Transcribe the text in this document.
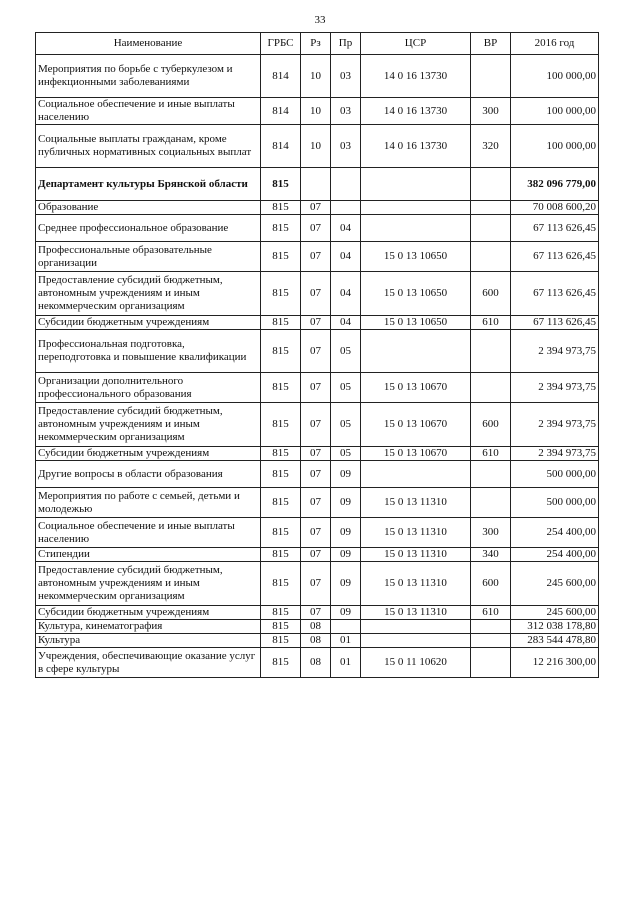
33
Наименование	ГРБС	Рз	Пр	ЦСР	ВР	2016 год
Мероприятия по борьбе с туберкулезом и инфекционными заболеваниями	814	10	03	14 0 16 13730		100 000,00
Социальное обеспечение и иные выплаты населению	814	10	03	14 0 16 13730	300	100 000,00
Социальные выплаты гражданам, кроме публичных нормативных социальных выплат	814	10	03	14 0 16 13730	320	100 000,00
Департамент культуры Брянской области	815					382 096 779,00
Образование	815	07				70 008 600,20
Среднее профессиональное образование	815	07	04			67 113 626,45
Профессиональные образовательные организации	815	07	04	15 0 13 10650		67 113 626,45
Предоставление субсидий бюджетным, автономным учреждениям и иным некоммерческим организациям	815	07	04	15 0 13 10650	600	67 113 626,45
Субсидии бюджетным учреждениям	815	07	04	15 0 13 10650	610	67 113 626,45
Профессиональная подготовка, переподготовка и повышение квалификации	815	07	05			2 394 973,75
Организации дополнительного профессионального образования	815	07	05	15 0 13 10670		2 394 973,75
Предоставление субсидий бюджетным, автономным учреждениям и иным некоммерческим организациям	815	07	05	15 0 13 10670	600	2 394 973,75
Субсидии бюджетным учреждениям	815	07	05	15 0 13 10670	610	2 394 973,75
Другие вопросы в области образования	815	07	09			500 000,00
Мероприятия по работе с семьей, детьми и молодежью	815	07	09	15 0 13 11310		500 000,00
Социальное обеспечение и иные выплаты населению	815	07	09	15 0 13 11310	300	254 400,00
Стипендии	815	07	09	15 0 13 11310	340	254 400,00
Предоставление субсидий бюджетным, автономным учреждениям и иным некоммерческим организациям	815	07	09	15 0 13 11310	600	245 600,00
Субсидии бюджетным учреждениям	815	07	09	15 0 13 11310	610	245 600,00
Культура, кинематография	815	08				312 038 178,80
Культура	815	08	01			283 544 478,80
Учреждения, обеспечивающие оказание услуг в сфере культуры	815	08	01	15 0 11 10620		12 216 300,00
